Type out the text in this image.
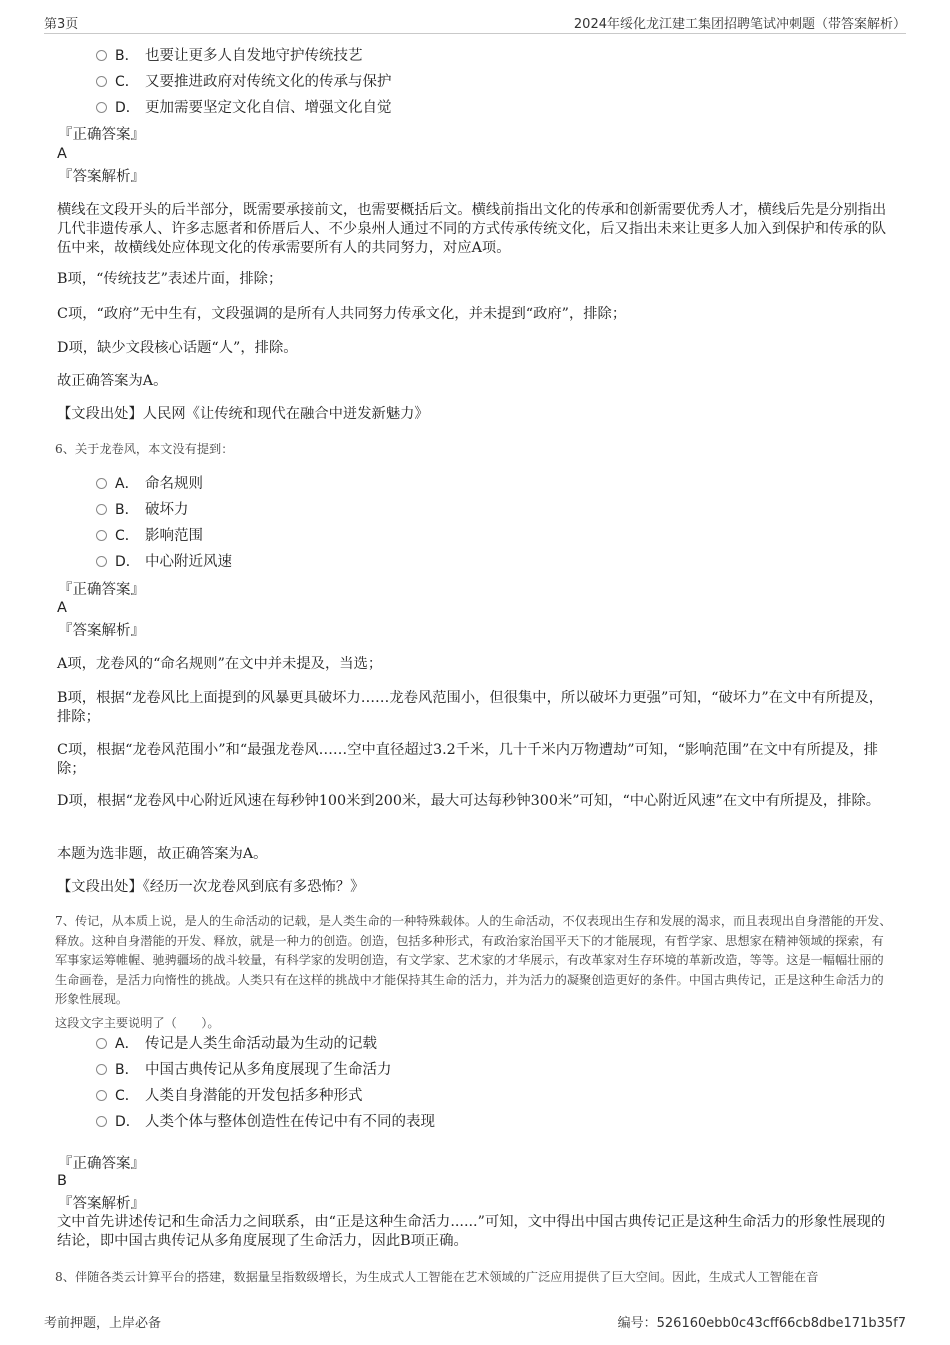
第3页	2024年绥化龙江建工集团招聘笔试冲刺题（带答案解析）
B． 也要让更多人自发地守护传统技艺
C． 又要推进政府对传统文化的传承与保护
D． 更加需要坚定文化自信、增强文化自觉
『正确答案』
A
『答案解析』
横线在文段开头的后半部分，既需要承接前文，也需要概括后文。横线前指出文化的传承和创新需要优秀人才，横线后先是分别指出几代非遗传承人、许多志愿者和侨厝后人、不少泉州人通过不同的方式传承传统文化，后又指出未来让更多人加入到保护和传承的队伍中来，故横线处应体现文化的传承需要所有人的共同努力，对应A项。
B项，“传统技艺”表述片面，排除；
C项，“政府”无中生有，文段强调的是所有人共同努力传承文化，并未提到“政府”，排除；
D项，缺少文段核心话题“人”，排除。
故正确答案为A。
【文段出处】人民网《让传统和现代在融合中迸发新魅力》
6、关于龙卷风，本文没有提到：
A． 命名规则
B． 破坏力
C． 影响范围
D． 中心附近风速
『正确答案』
A
『答案解析』
A项，龙卷风的“命名规则”在文中并未提及，当选；
B项，根据“龙卷风比上面提到的风暴更具破坏力……龙卷风范围小，但很集中，所以破坏力更强”可知，“破坏力”在文中有所提及，排除；
C项，根据“龙卷风范围小”和“最强龙卷风……空中直径超过3.2千米，几十千米内万物遭劫”可知，“影响范围”在文中有所提及，排除；
D项，根据“龙卷风中心附近风速在每秒钟100米到200米，最大可达每秒钟300米”可知，“中心附近风速”在文中有所提及，排除。
本题为选非题，故正确答案为A。
【文段出处】《经历一次龙卷风到底有多恐怖？》
7、传记，从本质上说，是人的生命活动的记载，是人类生命的一种特殊载体。人的生命活动，不仅表现出生存和发展的渴求，而且表现出自身潜能的开发、释放。这种自身潜能的开发、释放，就是一种力的创造。创造，包括多种形式，有政治家治国平天下的才能展现，有哲学家、思想家在精神领域的探索，有军事家运筹帷幄、驰骋疆场的战斗较量，有科学家的发明创造，有文学家、艺术家的才华展示，有改革家对生存环境的革新改造，等等。这是一幅幅壮丽的生命画卷，是活力向惰性的挑战。人类只有在这样的挑战中才能保持其生命的活力，并为活力的凝聚创造更好的条件。中国古典传记，正是这种生命活力的形象性展现。
这段文字主要说明了（　　）。
A． 传记是人类生命活动最为生动的记载
B． 中国古典传记从多角度展现了生命活力
C． 人类自身潜能的开发包括多种形式
D． 人类个体与整体创造性在传记中有不同的表现
『正确答案』
B
『答案解析』
文中首先讲述传记和生命活力之间联系，由“正是这种生命活力......”可知，文中得出中国古典传记正是这种生命活力的形象性展现的结论，即中国古典传记从多角度展现了生命活力，因此B项正确。
8、伴随各类云计算平台的搭建，数据量呈指数级增长，为生成式人工智能在艺术领域的广泛应用提供了巨大空间。因此，生成式人工智能在音
考前押题，上岸必备	编号：526160ebb0c43cff66cb8dbe171b35f7
